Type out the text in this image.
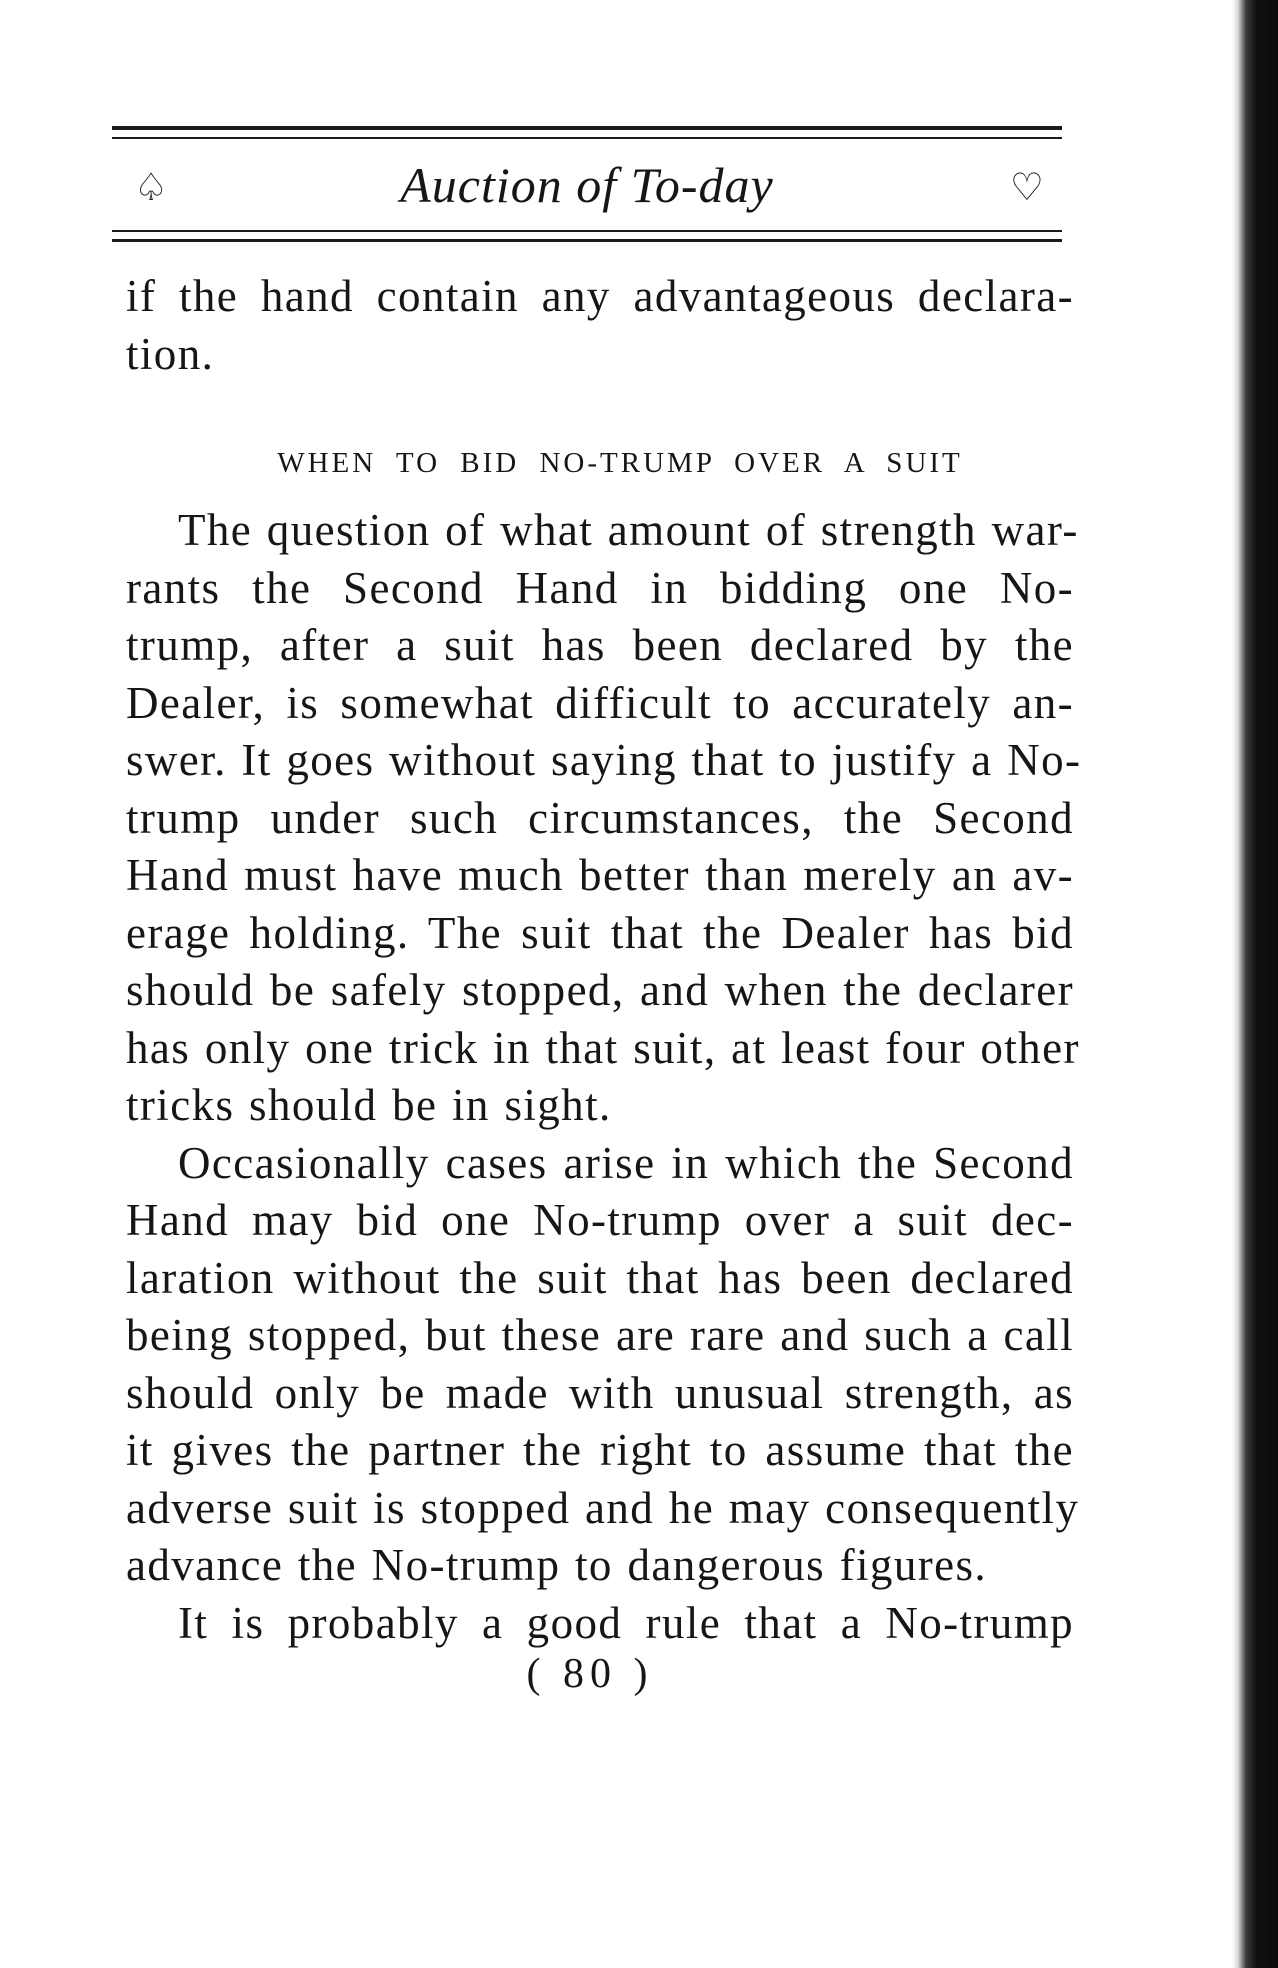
♤	Auction of To-day	♡
if the hand contain any advantageous declara-
tion.
WHEN TO BID NO-TRUMP OVER A SUIT
The question of what amount of strength war-
rants the Second Hand in bidding one No-
trump, after a suit has been declared by the
Dealer, is somewhat difficult to accurately an-
swer. It goes without saying that to justify a No-
trump under such circumstances, the Second
Hand must have much better than merely an av-
erage holding. The suit that the Dealer has bid
should be safely stopped, and when the declarer
has only one trick in that suit, at least four other
tricks should be in sight.
Occasionally cases arise in which the Second
Hand may bid one No-trump over a suit dec-
laration without the suit that has been declared
being stopped, but these are rare and such a call
should only be made with unusual strength, as
it gives the partner the right to assume that the
adverse suit is stopped and he may consequently
advance the No-trump to dangerous figures.
It is probably a good rule that a No-trump
( 80 )
